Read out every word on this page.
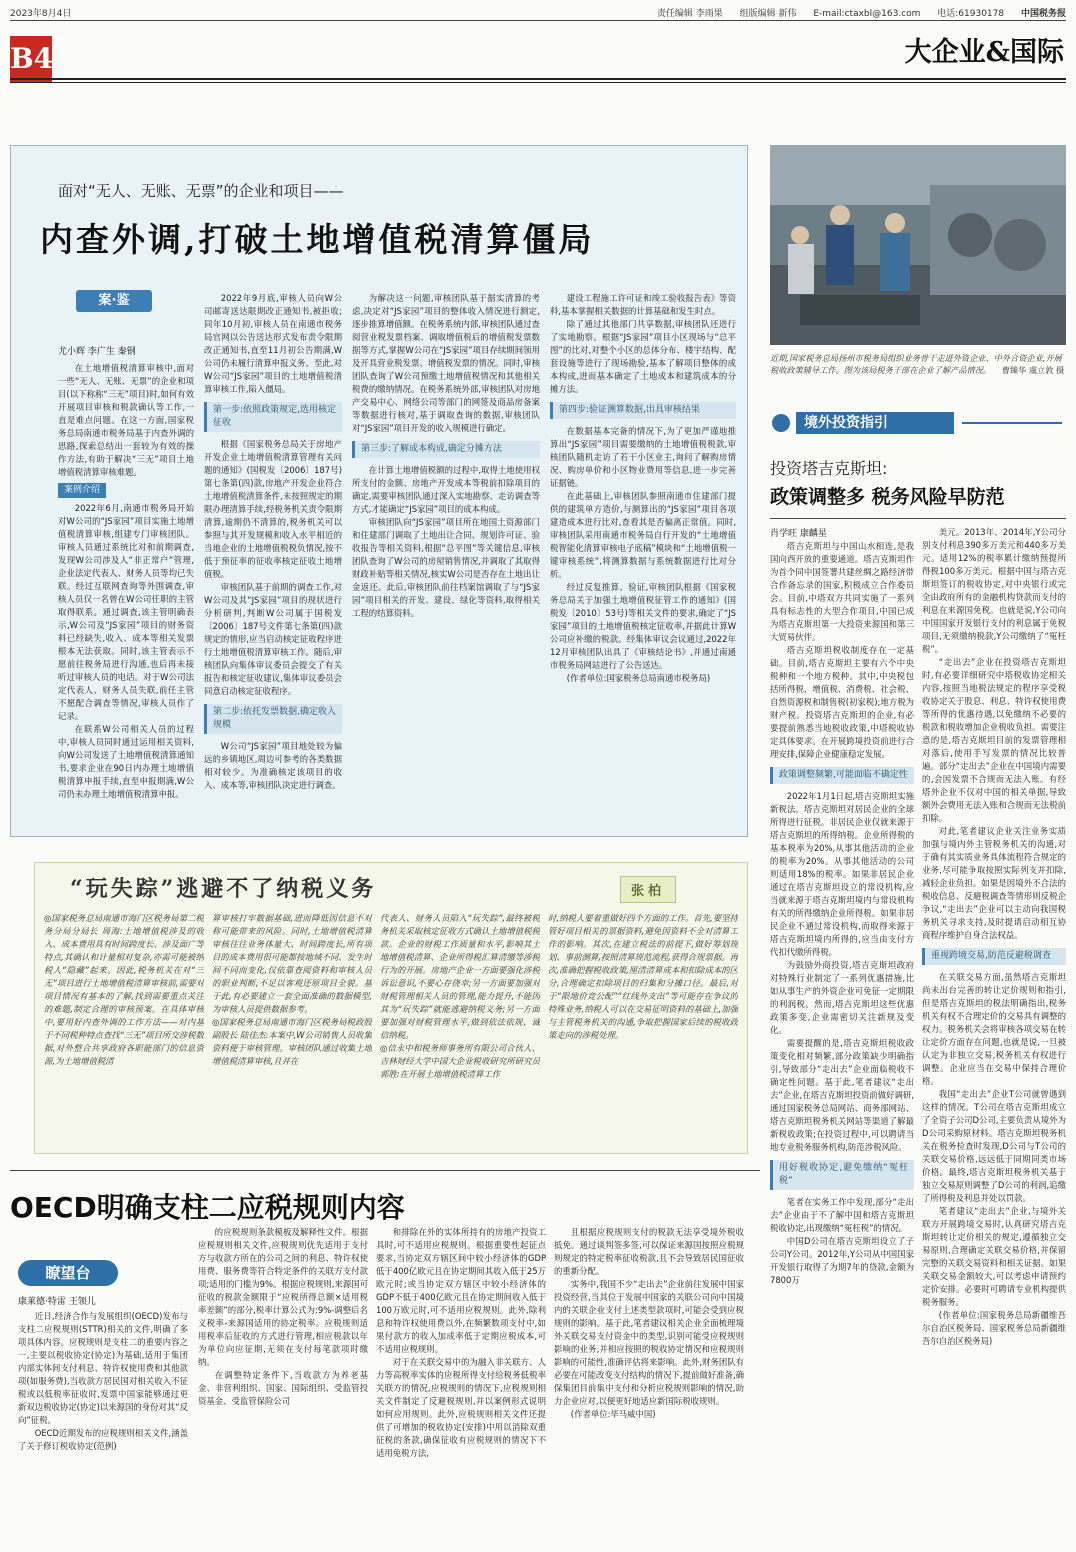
2023年8月4日	责任编辑 李雨果 组版编辑 新伟 E-mail:ctaxbl@163.com 电话:61930178 中国税务报
B4	大企业&国际
面对“无人、无账、无票”的企业和项目——
内查外调,打破土地增值税清算僵局
案·鉴
尤小辉 李广生 秦钢

在土地增值税清算审核中,面对一些“无人、无账、无票”的企业和项目(以下称称“三无”项目)时,如何有效开展项目审核和税款确认等工作,一直是难点问题。在这一方面,国家税务总局南通市税务局基于内查外调的思路,探索总结出一套较为有效的操作方法,有助于解决“三无”项目土地增值税清算审核难题。

案例介绍

2022年6月,南通市税务局开始对W公司的“JS家园”项目实施土地增值税清算审核,组建专门审核团队。审核人员通过系统比对和前期调查,发现W公司涉及人“非正常户”管理,企业法定代表人、财务人员等均已失联。经过互联网查询等外围调查,审核人员仅一名曾在W公司任职的主管取得联系。通过调查,该主管明确表示,W公司及“JS家园”项目的财务资料已经缺失,收入、成本等相关发票根本无法获取。同时,该主管表示不愿前往税务局进行沟通,也后再未接听过审核人员的电话。对于W公司法定代表人、财务人员失联,前任主管不愿配合调查等情况,审核人员作了记录。

在联系W公司相关人员的过程中,审核人员同时通过运用相关资料,向W公司发送了土地增值税清算通知书,要求企业在90日内办理土地增值税清算申报手续,直至申报期满,W公司仍未办理土地增值税清算申报。

2022年9月底,审核人员向W公司邮寄送达限期改正通知书,被拒收;同年10月初,审核人员在南通市税务局官网以公告送达形式发布责令限期改正通知书,直至11月初公告期满,W公司仍未履行清算申报义务。至此,对W公司“JS家园”项目的土地增值税清算审核工作,陷入僵局。

第一步:依照政策规定,选用核定征收

根据《国家税务总局关于房地产开发企业土地增值税清算管理有关问题的通知》(国税发〔2006〕187号)第七条第(四)款,房地产开发企业符合土地增值税清算条件,未按照规定的期限办理清算手续,经税务机关责令限期清算,逾期仍不清算的,税务机关可以参照与其开发规模和收入水平相近的当地企业的土地增值税税负情况,按不低于预征率的征收率核定征收土地增值税。

审核团队基于前期的调查工作,对W公司及其“JS家园”项目的现状进行分析研判,判断W公司属于国税发〔2006〕187号文件第七条第(四)款规定的情形,应当启动核定征收程序进行土地增值税清算审核工作。随后,审核团队向集体审议委员会提交了有关报告和核定征收建议,集体审议委员会同意启动核定征收程序。

第二步:依托发票数据,确定收入规模

W公司“JS家园”项目地处较为偏远的乡镇地区,周边可参考的各类数据相对较少。为准确核定该项目的收入、成本等,审核团队决定进行调查。

为解决这一问题,审核团队基于据实清算的考虑,决定对“JS家园”项目的整体收入情况进行测定,逐步推算增值额。在税务系统内部,审核团队通过查阅营业税发票档案、调取增值税后的增值税发票数据等方式,掌握W公司在“JS家园”项目存续期间领用及开具营业税发票、增值税发票的情况。同时,审核团队查询了W公司预缴土地增值税情况和其他相关税费的缴纳情况。在税务系统外部,审核团队对房地产交易中心、网络公司等部门的网签及商品房备案等数据进行核对,基于调取查询的数据,审核团队对“JS家园”项目开发的收入规模进行确定。

第三步:了解成本构成,确定分摊方法

在计算土地增值税额的过程中,取得土地使用权所支付的金额、房地产开发成本等税前扣除项目的确定,需要审核团队通过深入实地勘察、走访调查等方式,才能确定“JS家园”项目的成本构成。

审核团队向“JS家园”项目所在地国土资源部门和住建部门调取了土地出让合同、规划许可证、验收报告等相关资料,根据“总平图”等关键信息,审核团队查询了W公司的房屋销售情况,并调取了其取得财政补贴等相关情况,核实W公司是否存在土地出让金返还。此后,审核团队前往档案馆调取了与“JS家园”项目相关的开发、建设、绿化等资料,取得相关工程的结算资料。

建设工程施工许可证和竣工验收报告表》等资料,基本掌握相关数据的计算基础和发生时点。

除了通过其他部门共享数据,审核团队还进行了实地勘察。根据“JS家园”项目小区现场与“总平图”的比对,对整个小区的总体分布、楼宇结构、配套设施等进行了现场勘验,基本了解项目整体的成本构成,进而基本确定了土地成本和建筑成本的分摊方法。

第四步:验证测算数据,出具审核结果

在数据基本完备的情况下,为了更加严谨地推算出“JS家园”项目需要缴纳的土地增值税税款,审核团队随机走访了若干小区业主,询问了解购房情况、购房单价和小区物业费用等信息,进一步完善证据链。

在此基础上,审核团队参照南通市住建部门提供的建筑单方造价,与测算出的“JS家园”项目各项建造成本进行比对,查看其是否偏离正常值。同时,审核团队采用南通市税务局自行开发的“土地增值税智能化清算审核电子底稿”模块和“土地增值税一键审核系统”,将测算数据与系统数据进行比对分析。

经过反复推算、验证,审核团队根据《国家税务总局关于加强土地增值税征管工作的通知》(国税发〔2010〕53号)等相关文件的要求,确定了“JS家园”项目的土地增值税核定征收率,并据此计算W公司应补缴的税款。经集体审议会议通过,2022年12月审核团队出具了《审核结论书》,并通过南通市税务局网站进行了公告送达。

(作者单位:国家税务总局南通市税务局)

“玩失踪”逃避不了纳税义务	张柏
◎国家税务总局南通市海门区税务局第二税务分局分局长 周海:土地增值税涉及的收入、成本费用具有时间跨度长、涉及面广等特点,其确认和计量相对复杂,亦需可能被纳税人“隐藏”起来。因此,税务机关在对“三无”项目进行土地增值税清算审核前,需要对项目情况有基本的了解,找到需要重点关注的难题,制定合理的审核预案。在具体审核中,要用好内查外调的工作方法——对内基于不同税种特点查找“三无”项目所交涉税数据,对外整合共享政府各职能部门的信息资源,为土地增值税清
算审核打牢数据基础,进而降低因信息不对称可能带来的风险。同时,土地增值税清算审核往往业务体量大、时间跨度长,所有项目的成本费用很可能都按地域不同、发生时间不同而变化,仅依靠查阅资料和审核人员的职业判断,不足以客观还原项目全貌。基于此,有必要建立一套全面准确的数据模型,为审核人员提供数据参考。
◎国家税务总局南通市海门区税务局税政股副股长 陆佳杰:本案中,W公司销售人员收集资料便于审核管理。审核团队通过收集土地增值税清算审核,且并在
代表人、财务人员陷入“玩失踪”,最终被税务机关采取核定征收方式确认土地增值税税款。企业的财税工作质量和水平,影响其土地增值税清算、企业所得税汇算清缴等涉税行为的开展。房地产企业一方面要强化涉税诉讼意识,不要心存侥幸;另一方面要加强对财税管理相关人员的管理,能力提升,不能因其为“玩失踪”就能逃避纳税义务;另一方面要加强对财税管理水平,做到依法依规、诚信纳税。
◎信永中和税务师事务所有限公司合伙人、吉林财经大学中国大企业税收研究所研究员 郭胜:在开展土地增值税清算工作
时,纳税人要着重做好四个方面的工作。首先,要坚持管好项目相关的票据资料,避免因资料不全对清算工作的影响。其次,在建立税法的前提下,做好筹划规划、事前测算,按照清算规范流程,获得合规票据。再次,准确把握税收政策,厘清清算成本和扣除成本的区分,合理确定扣除项目的归集和分摊口径。最后,对于“限地价竞公配”“红线外支出”等可能存在争议的特殊业务,纳税人可以在交易征明资料的基础上,加强与主管税务机关的沟通,争取把握国家后续的税收政策走向的涉税处理。
近期,国家税务总局扬州市税务局组织业务骨干走进外资企业、中外合资企业,开展税收政策辅导工作。图为该局税务干部在企业了解产品情况。 曹臻华 虞立敦 摄
境外投资指引
投资塔吉克斯坦:
政策调整多 税务风险早防范
肖学旺 康麟星

塔吉克斯坦与中国山水相连,是我国向西开放的重要通道。塔吉克斯坦作为首个同中国签署共建丝绸之路经济带合作备忘录的国家,积极成立合作委员会。目前,中塔双方共同实施了一系列具有标志性的大型合作项目,中国已成为塔吉克斯坦第一大投资来源国和第三大贸易伙伴。

塔吉克斯坦税收制度存在一定基础。目前,塔吉克斯坦主要有六个中央税种和一个地方税种。其中,中央税包括所得税、增值税、消费税、社会税、自然资源税和制售税(初家税);地方税为财产税。投资塔吉克斯坦的企业,有必要提前熟悉当地税收政策,中塔税收协定具体要求。在开展跨境投资前进行合理安排,保障企业健康稳定发展。

政策调整频繁,可能面临不确定性

2022年1月1日起,塔吉克斯坦实施新税法。塔吉克斯坦对居民企业的全球所得进行征税。非居民企业仅就来源于塔吉克斯坦的所得纳税。企业所得税的基本税率为20%,从事其他活动的企业的税率为20%。从事其他活动的公司则适用18%的税率。如果非居民企业通过在塔吉克斯坦设立的常设机构,应当就来源于塔吉克斯坦境内与常设机构有关的所得缴纳企业所得税。如果非居民企业不通过常设机构,而取得来源于塔吉克斯坦境内所得的,应当由支付方代扣代缴所得税。

为鼓励外商投资,塔吉克斯坦政府对特殊行业制定了一系列优惠措施,比如从事生产的外资企业可免征一定期限的利润税。然而,塔吉克斯坦这些优惠政策多变,企业需密切关注新规及变化。

需要提醒的是,塔吉克斯坦税收政策变化相对频繁,部分政策缺少明确指引,导致部分“走出去”企业面临税收不确定性问题。基于此,笔者建议“走出去”企业,在塔吉克斯坦投资前做好调研,通过国家税务总局网站、商务部网站、塔吉克斯坦税务机关网站等渠道了解最新税收政策;在投资过程中,可以聘请当地专业税务服务机构,防范涉税风险。

用好税收协定,避免缴纳“冤枉税”

笔者在实务工作中发现,部分“走出去”企业由于不了解中国和塔吉克斯坦税收协定,出现缴纳“冤枉税”的情况。

中国D公司在塔吉克斯坦设立了子公司Y公司。2012年,Y公司从中国国家开发银行取得了为期7年的贷款,金额为7800万

美元。2013年、2014年,Y公司分别支付利息390多万美元和440多万美元。适用12%的税率累计缴纳预提所得税100多万美元。根据中国与塔吉克斯坦签订的税收协定,对中央银行或完全由政府所有的金融机构贷款而支付的利息在来源国免税。也就是说,Y公司向中国国家开发银行支付的利息属于免税项目,无须缴纳税款,Y公司缴纳了“冤枉税”。

“走出去”企业在投资塔吉克斯坦时,有必要详细研究中塔税收协定相关内容,按照当地税法规定的程序享受税收协定关于股息、利息、特许权使用费等所得的优惠待遇,以免缴纳不必要的税款和税收增加企业税收负担。需要注意的是,塔吉克斯坦目前的发票管理相对落后,使用手写发票的情况比较普遍。部分“走出去”企业在中国境内需要的,会因发票不合规而无法入账。有经塔外企业不仅对中国的相关单据,导致额外会费用无法入账和合规而无法税前扣除。

对此,笔者建议企业关注业务实质加强与境内外主管税务机关的沟通,对于确有其实质业务具体流程符合规定的业务,尽可能争取按照实际列支并扣除,减轻企业负担。如果是因境外不合法的税收信息、反避税调查等情形则反税企争议,“走出去”企业可以主动向我国税务机关寻求支持,及时提请启动相互协商程序维护自身合法权益。

重视跨境交易,防范反避税调查

在关联交易方面,虽然塔吉克斯坦尚未出台完善的转让定价规则和指引,但是塔吉克斯坦的税法明确指出,税务机关有权不合理定价的交易具有调整的权力。税务机关会将审核各项交易在转让定价方面存在问题,也就是说,一旦被认定为非独立交易,税务机关有权进行调整。企业应当在交易中保持合理价格。

我国“走出去”企业T公司就曾遇到这样的情况。T公司在塔吉克斯坦成立了全资子公司D公司,主要负责从境外为D公司采购原材料。塔吉克斯坦税务机关在税务检查时发现,D公司与T公司的关联交易价格,远远低于同期同类市场价格。最终,塔吉克斯坦税务机关基于独立交易原则调整了D公司的利润,追缴了所得税及利息并处以罚款。

笔者建议“走出去”企业,与境外关联方开展跨境交易时,认真研究塔吉克斯坦转让定价相关的规定,遵循独立交易原则,合理确定关联交易价格,并保留完整的关联交易资料和相关证据。如果关联交易金额较大,可以考虑申请预约定价安排。必要时可聘请专业机构提供税务服务。

(作者单位:国家税务总局新疆维吾尔自治区税务局、国家税务总局新疆维吾尔自治区税务局)

OECD明确支柱二应税规则内容
瞭望台
康莱德·特雷 王领儿

近日,经济合作与发展组织(OECD)发布与支柱二应税规则(STTR)相关的文件,明确了多项具体内容。应税规则是支柱二的重要内容之一,主要以税收协定(协定)为基础,适用于集团内部实体间支付利息、特许权使用费和其他款项(如服务费),当收款方居民国对相关收入不征税或以低税率征收时,发票中国家能够通过更新双边税收协定(协定)以来源国的身份对其“反向”征税。

OECD近期发布的应税规则相关文件,涵盖了关于修订税收协定(范例)

的应税规则条款模板及解释性文件。根据应税规则相关文件,应税规则优先适用于支付方与收款方所在的公司之间的利息、特许权使用费、服务费等符合特定条件的关联方支付款项;适用的门槛为9%。根据应税规则,来源国可征收的税款金额限于“应税所得总额×适用税率差额”的部分,税率计算公式为:9%-调整后名义税率-来源国适用的协定税率。应税规则适用税率后征收的方式进行管理,相应税款以年为单位向应征期,无须在支付每笔款项时缴纳。

在调整特定条件下,当收款方为养老基金、非营利组织、国家、国际组织、受监管投资基金、受监管保险公司

和排除在外的实体所持有的房地产投资工具时,可不适用应税规则。根据重要性起征点要求,当协定双方辖区间中较小经济体的GDP低于400亿欧元且在协定期间其收入低于25万欧元时;或当协定双方辖区中较小经济体的GDP不低于400亿欧元且在协定期间收入低于100万欧元时,可不适用应税规则。此外,除利息和特许权使用费以外,在频繁数项支付中,如果付款方的收入加成率低于定期应税成本,可不适用应税规则。

对于在关联交易中的为融入非关联方、人力等高税率实体的应税所得支付给税务低税率关联方的情况,应税规则的情况下,应税规则相关文件制定了反避税规则,并以案例形式说明如何应用规则。此外,应税规则相关文件还提供了可增加的税收协定(安排)中用以消除双重征税的条款,确保征收有应税规则的情况下不适用免税方法,

且根据应税规则支付的税款无法享受境外税收抵免。通过谈判签多签,可以保证来源国按照应税规则规定的特定税率征收税款,且不会导致居民国征收的重新分配。

实务中,我国不少“走出去”企业前往发展中国家投资经营,当其位于发展中国家的关联公司向中国境内的关联企业支付上述类型款项时,可能会受到应税规则的影响。基于此,笔者建议相关企业全面梳理境外关联交易支付资金中的类型,识别可能受应税规则影响的业务,并相应按照的税收协定情况和应税规则影响的可能性,准确评估将来影响。此外,财务团队有必要在可能改变支付结构的情况下,提前做好准备,确保集团目前集中支付和分析应税规则影响的情况,助力企业应对,以便更好地适应新国际税收规则。

(作者单位:毕马威中国)
